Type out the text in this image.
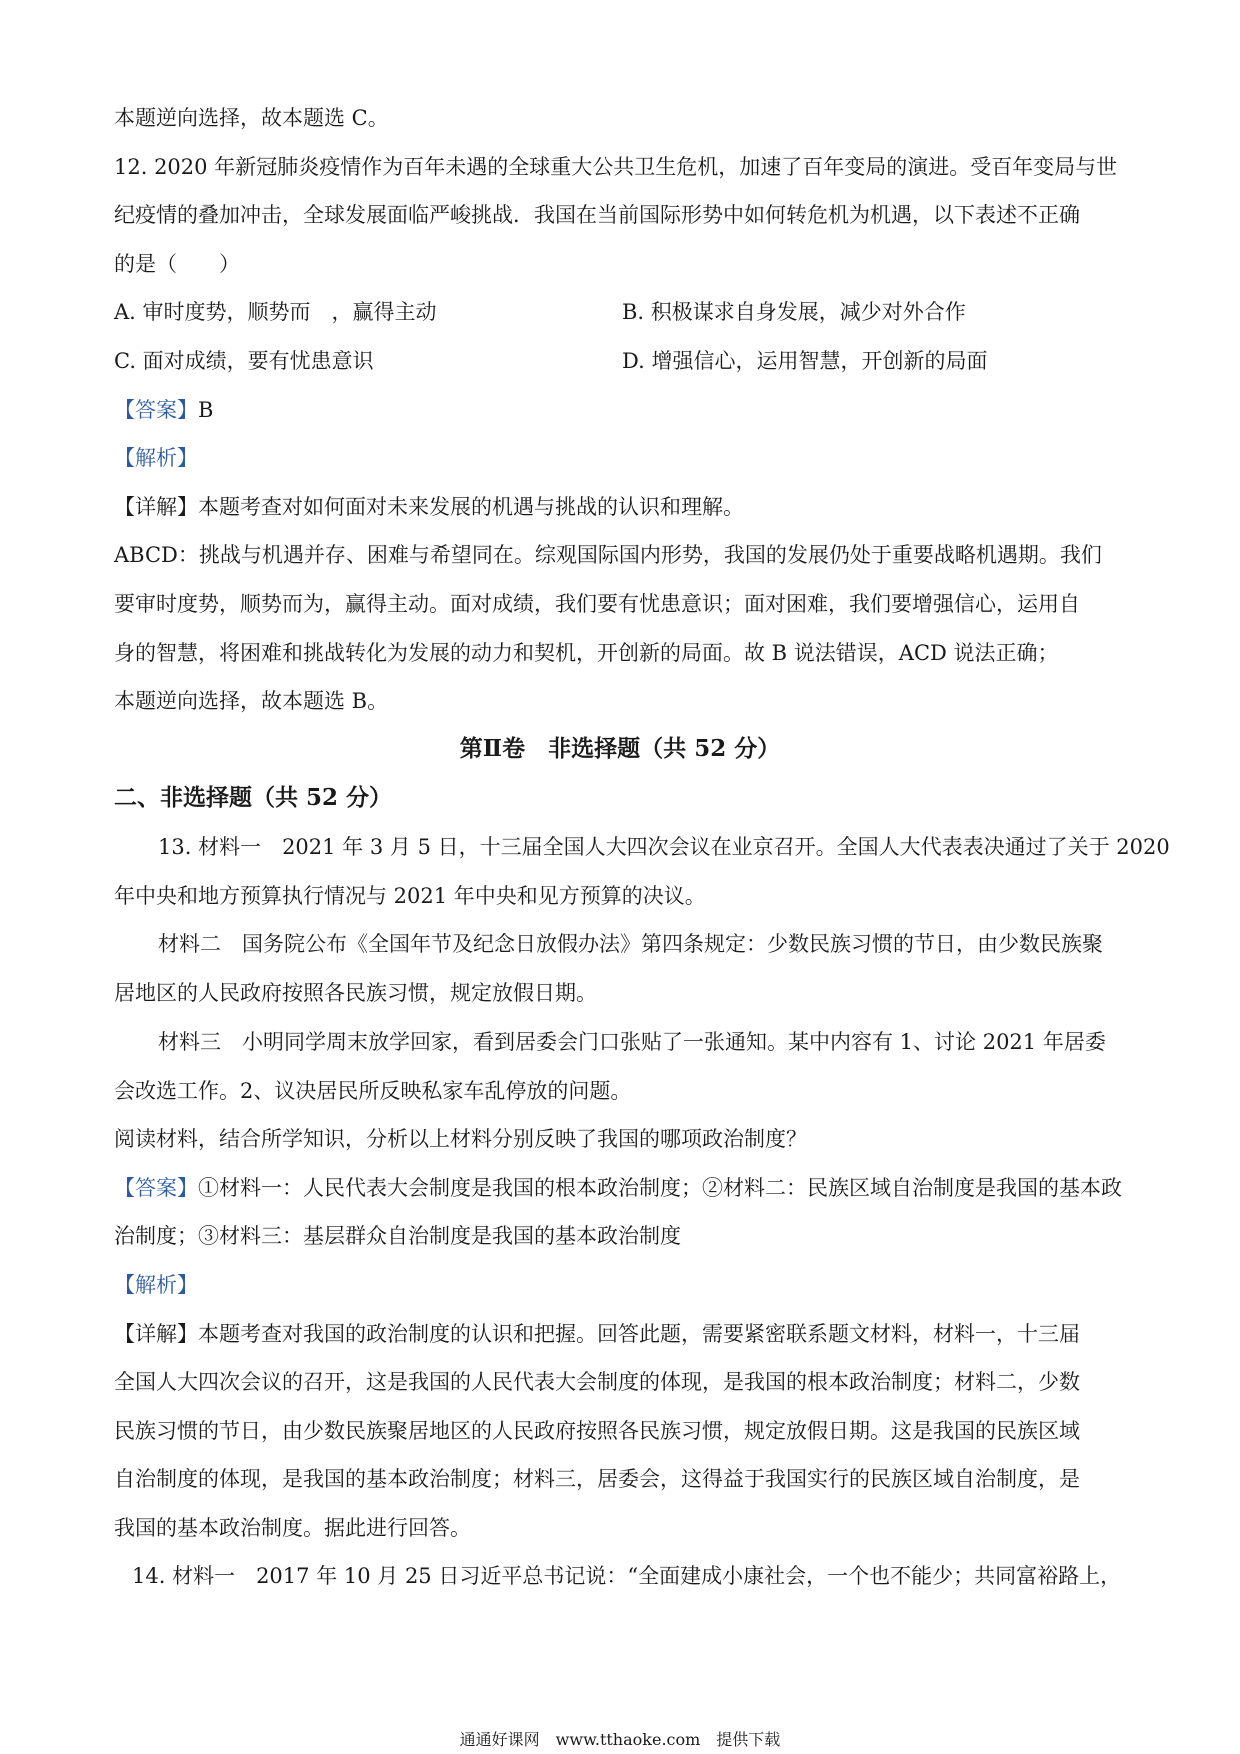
本题逆向选择，故本题选 C。
12. 2020 年新冠肺炎疫情作为百年未遇的全球重大公共卫生危机，加速了百年变局的演进。受百年变局与世
纪疫情的叠加冲击，全球发展面临严峻挑战．我国在当前国际形势中如何转危机为机遇，以下表述不正确
的是（　　）
A. 审时度势，顺势而　，赢得主动	B. 积极谋求自身发展，减少对外合作
C. 面对成绩，要有忧患意识	D. 增强信心，运用智慧，开创新的局面
【答案】B
【解析】
【详解】本题考查对如何面对未来发展的机遇与挑战的认识和理解。
ABCD：挑战与机遇并存、困难与希望同在。综观国际国内形势，我国的发展仍处于重要战略机遇期。我们
要审时度势，顺势而为，赢得主动。面对成绩，我们要有忧患意识；面对困难，我们要增强信心，运用自
身的智慧，将困难和挑战转化为发展的动力和契机，开创新的局面。故 B 说法错误，ACD 说法正确；
本题逆向选择，故本题选 B。
第Ⅱ卷　非选择题（共 52 分）
二、非选择题（共 52 分）
13. 材料一　2021 年 3 月 5 日，十三届全国人大四次会议在业京召开。全国人大代表表决通过了关于 2020
年中央和地方预算执行情况与 2021 年中央和见方预算的决议。
材料二　国务院公布《全国年节及纪念日放假办法》第四条规定：少数民族习惯的节日，由少数民族聚
居地区的人民政府按照各民族习惯，规定放假日期。
材料三　小明同学周末放学回家，看到居委会门口张贴了一张通知。某中内容有 1、讨论 2021 年居委
会改选工作。2、议决居民所反映私家车乱停放的问题。
阅读材料，结合所学知识，分析以上材料分别反映了我国的哪项政治制度？
【答案】①材料一：人民代表大会制度是我国的根本政治制度；②材料二：民族区域自治制度是我国的基本政
治制度；③材料三：基层群众自治制度是我国的基本政治制度
【解析】
【详解】本题考查对我国的政治制度的认识和把握。回答此题，需要紧密联系题文材料，材料一，十三届
全国人大四次会议的召开，这是我国的人民代表大会制度的体现，是我国的根本政治制度；材料二，少数
民族习惯的节日，由少数民族聚居地区的人民政府按照各民族习惯，规定放假日期。这是我国的民族区域
自治制度的体现，是我国的基本政治制度；材料三，居委会，这得益于我国实行的民族区域自治制度，是
我国的基本政治制度。据此进行回答。
14. 材料一　2017 年 10 月 25 日习近平总书记说：“全面建成小康社会，一个也不能少；共同富裕路上，
通通好课网　www.tthaoke.com　提供下载
